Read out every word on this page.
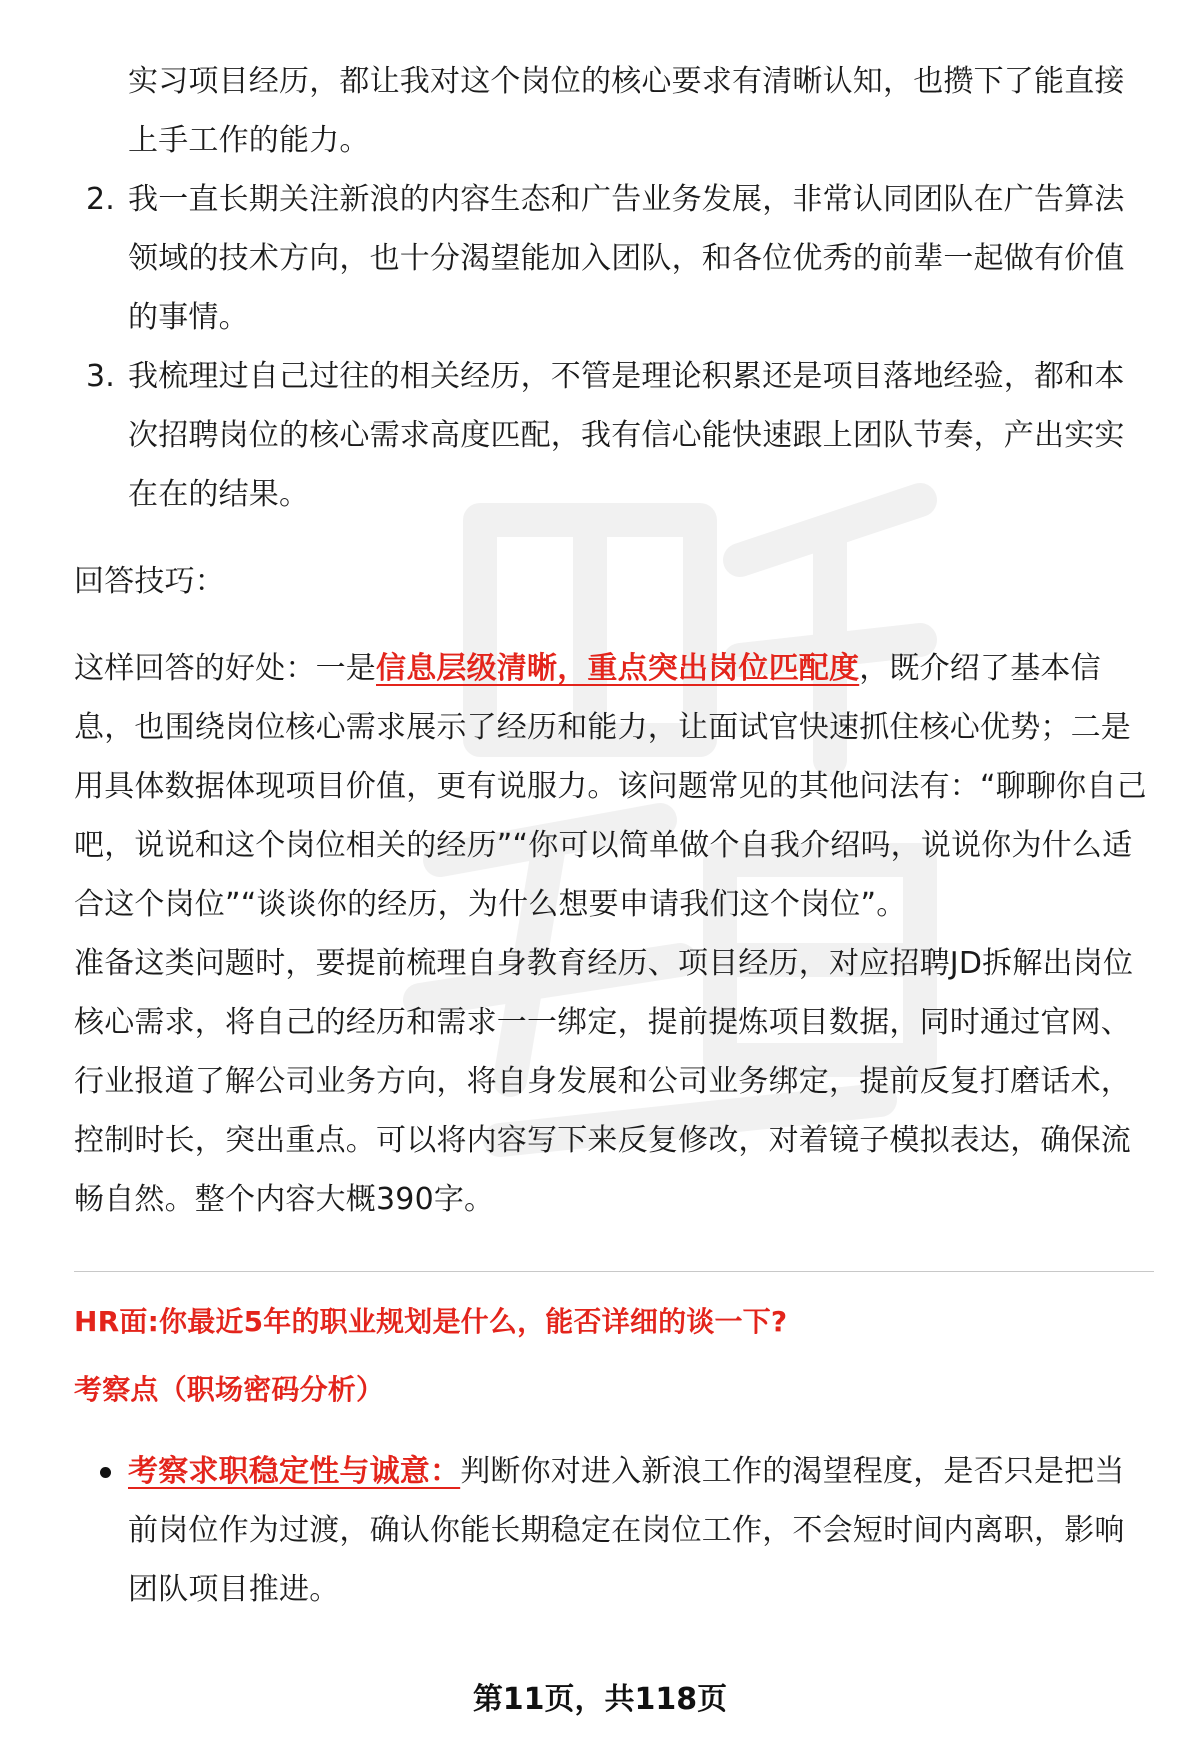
实习项目经历，都让我对这个岗位的核心要求有清晰认知，也攒下了能直接上手工作的能力。

2. 我一直长期关注新浪的内容生态和广告业务发展，非常认同团队在广告算法领域的技术方向，也十分渴望能加入团队，和各位优秀的前辈一起做有价值的事情。
3. 我梳理过自己过往的相关经历，不管是理论积累还是项目落地经验，都和本次招聘岗位的核心需求高度匹配，我有信心能快速跟上团队节奏，产出实实在在的结果。

回答技巧：

这样回答的好处：一是信息层级清晰，重点突出岗位匹配度，既介绍了基本信息，也围绕岗位核心需求展示了经历和能力，让面试官快速抓住核心优势；二是用具体数据体现项目价值，更有说服力。该问题常见的其他问法有：“聊聊你自己吧，说说和这个岗位相关的经历”“你可以简单做个自我介绍吗，说说你为什么适合这个岗位”“谈谈你的经历，为什么想要申请我们这个岗位”。

准备这类问题时，要提前梳理自身教育经历、项目经历，对应招聘JD拆解出岗位核心需求，将自己的经历和需求一一绑定，提前提炼项目数据，同时通过官网、行业报道了解公司业务方向，将自身发展和公司业务绑定，提前反复打磨话术，控制时长，突出重点。可以将内容写下来反复修改，对着镜子模拟表达，确保流畅自然。整个内容大概390字。

HR面:你最近5年的职业规划是什么，能否详细的谈一下?

考察点（职场密码分析）

考察求职稳定性与诚意：判断你对进入新浪工作的渴望程度，是否只是把当前岗位作为过渡，确认你能长期稳定在岗位工作，不会短时间内离职，影响团队项目推进。
第11页，共118页
